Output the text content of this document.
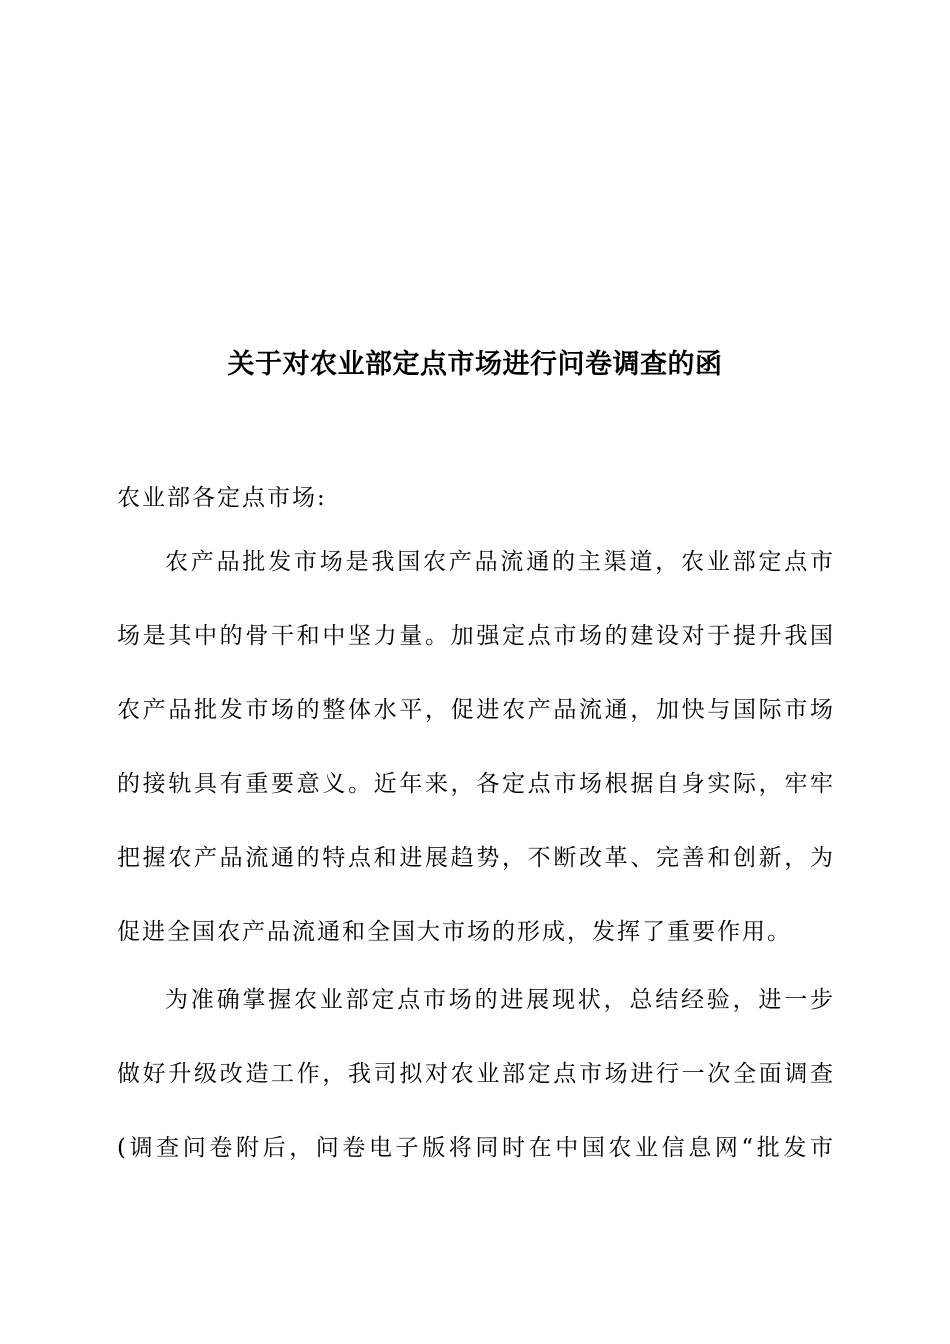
关于对农业部定点市场进行问卷调查的函
农业部各定点市场:
农产品批发市场是我国农产品流通的主渠道，农业部定点市
场是其中的骨干和中坚力量。加强定点市场的建设对于提升我国
农产品批发市场的整体水平，促进农产品流通，加快与国际市场
的接轨具有重要意义。近年来，各定点市场根据自身实际，牢牢
把握农产品流通的特点和进展趋势，不断改革、完善和创新，为
促进全国农产品流通和全国大市场的形成，发挥了重要作用。
为准确掌握农业部定点市场的进展现状，总结经验，进一步
做好升级改造工作，我司拟对农业部定点市场进行一次全面调查
(调查问卷附后，问卷电子版将同时在中国农业信息网“批发市
